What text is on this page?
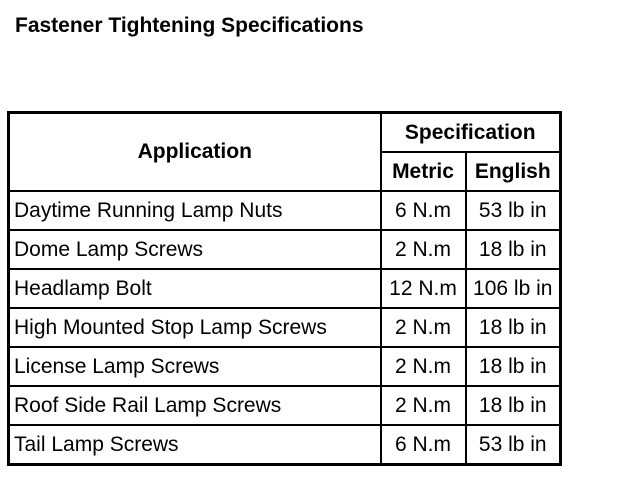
Fastener Tightening Specifications
Application	Specification	
	Metric	English
Daytime Running Lamp Nuts	6 N.m	53 lb in
Dome Lamp Screws	2 N.m	18 lb in
Headlamp Bolt	12 N.m	106 lb in
High Mounted Stop Lamp Screws	2 N.m	18 lb in
License Lamp Screws	2 N.m	18 lb in
Roof Side Rail Lamp Screws	2 N.m	18 lb in
Tail Lamp Screws	6 N.m	53 lb in
